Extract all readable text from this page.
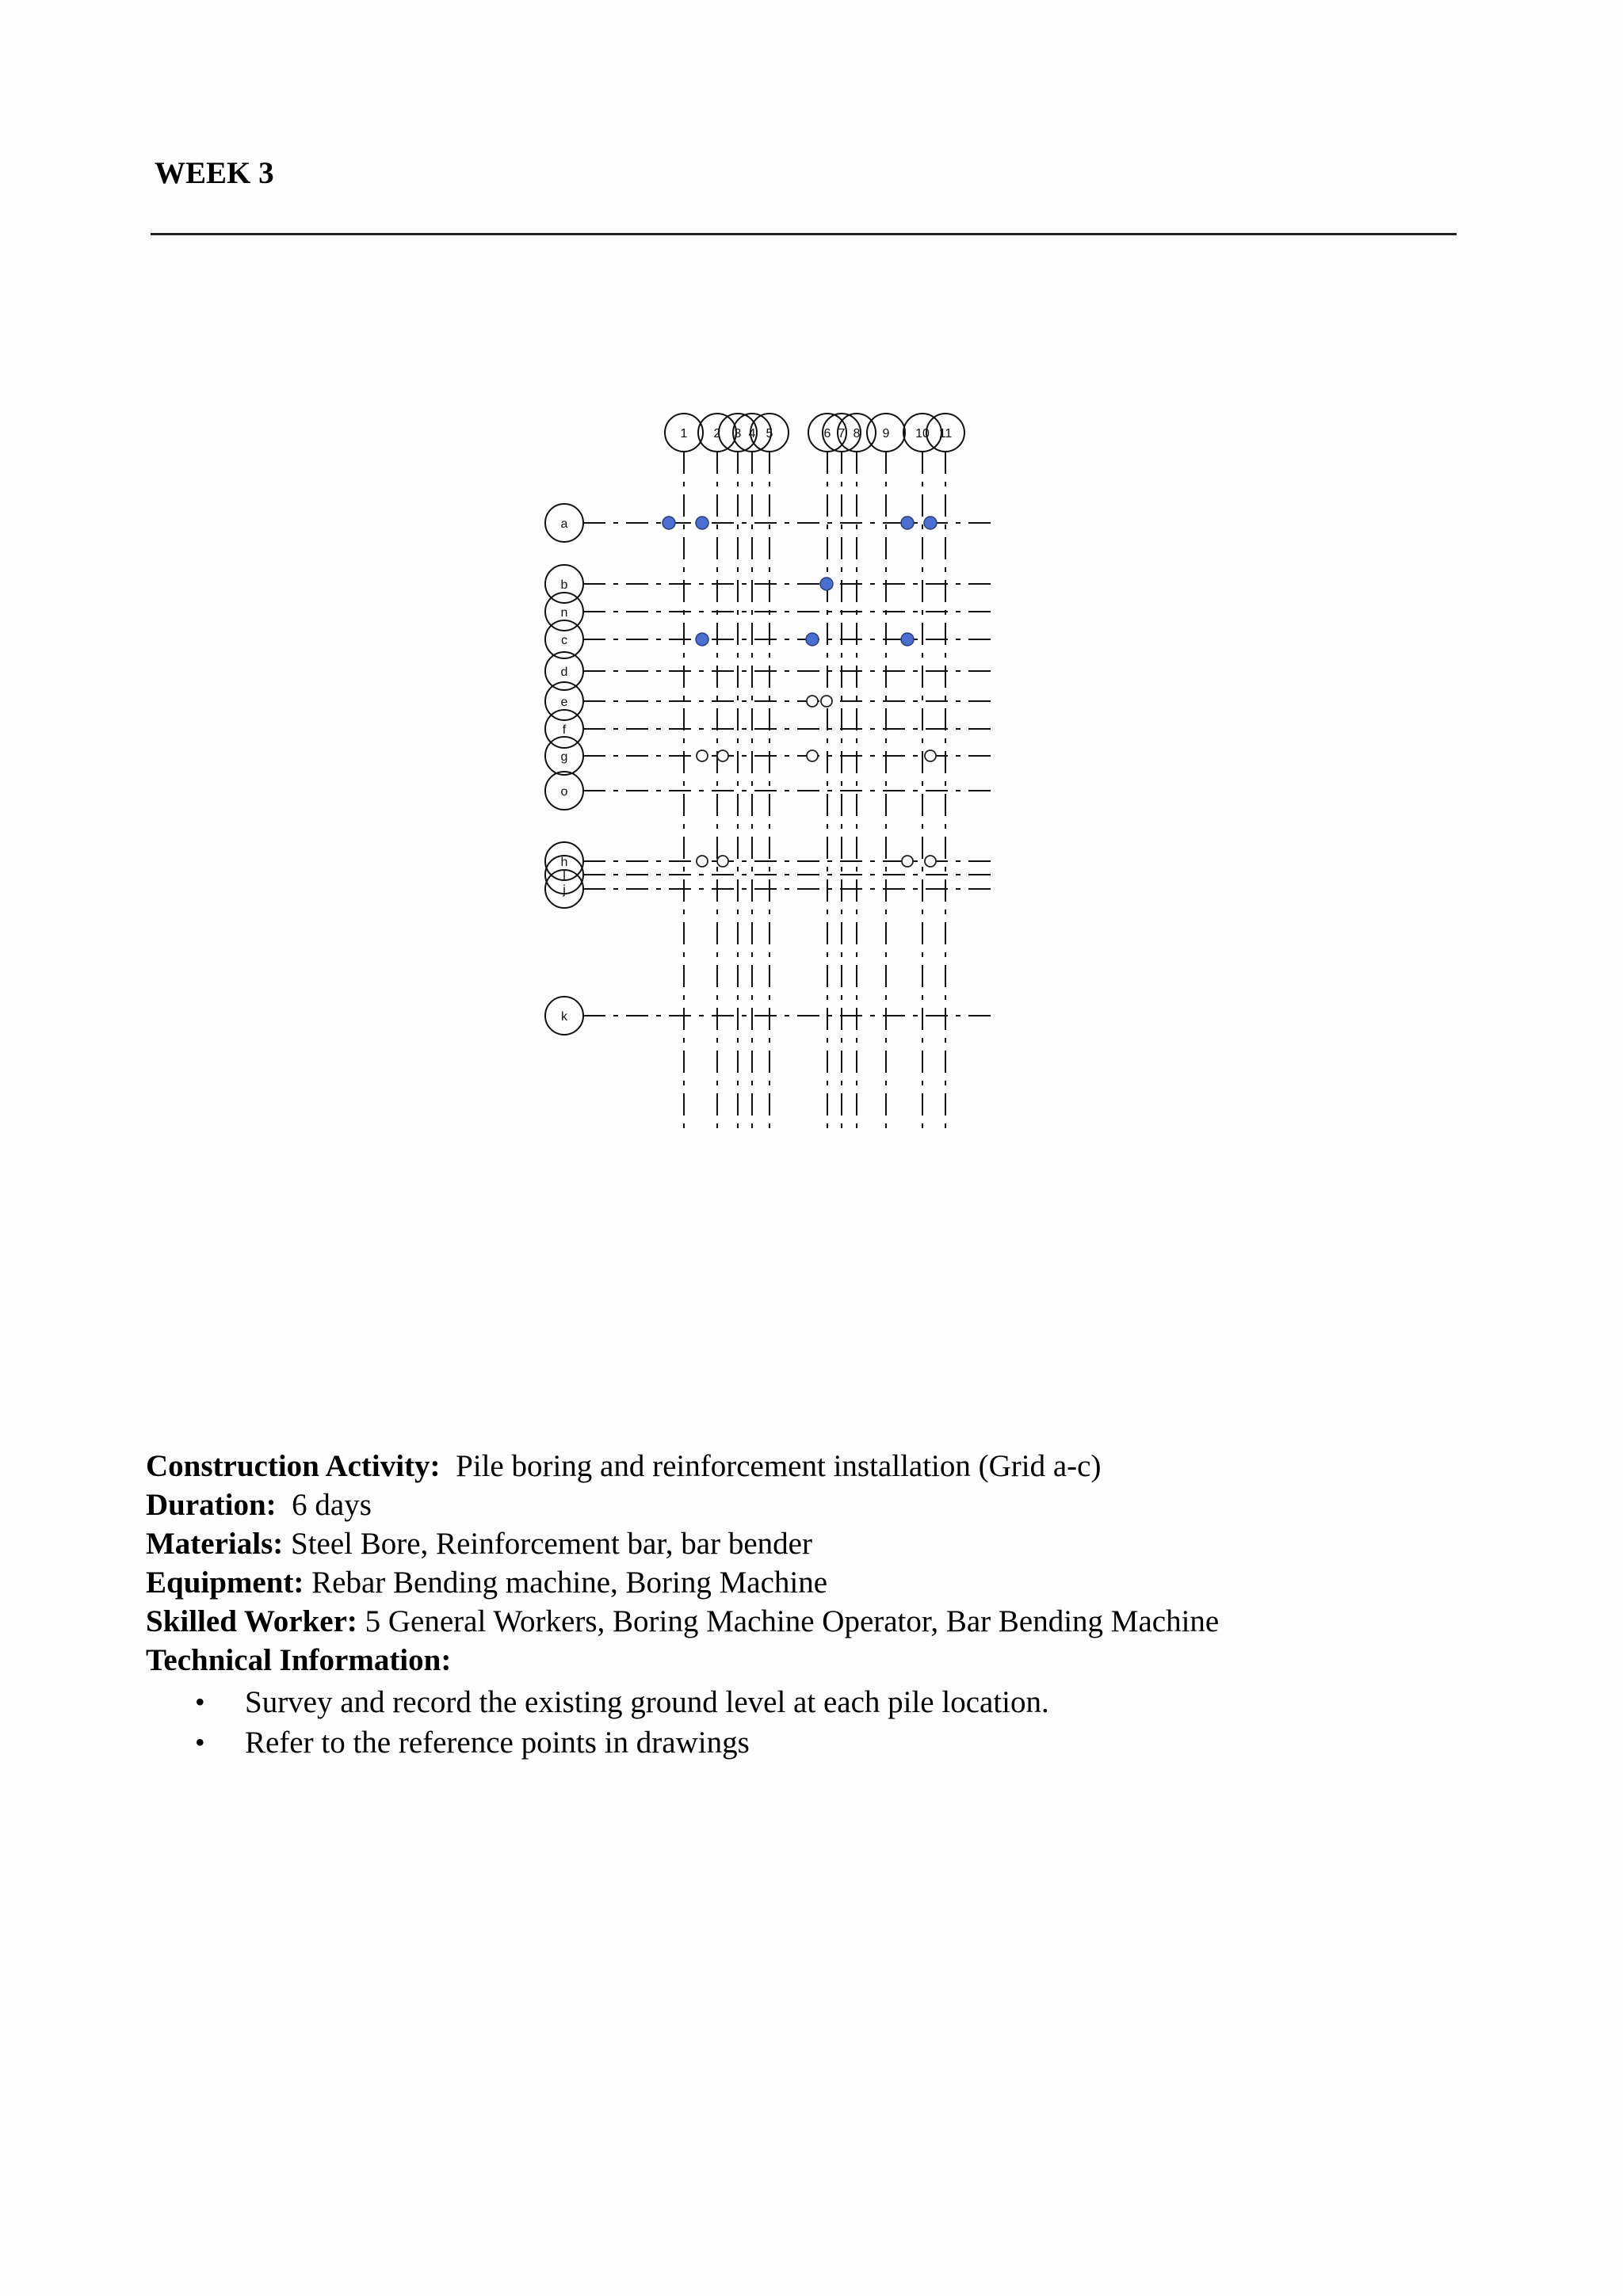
WEEK 3
1 2 3 4 5	6 7 8 9 10 11
a
b
n
c
d
e
f
g
o
h
l
j
k

Construction Activity: Pile boring and reinforcement installation (Grid a-c)

Duration: 6 days

Materials: Steel Bore, Reinforcement bar, bar bender

Equipment: Rebar Bending machine, Boring Machine

Skilled Worker: 5 General Workers, Boring Machine Operator, Bar Bending Machine

Technical Information:

• Survey and record the existing ground level at each pile location.
• Refer to the reference points in drawings
